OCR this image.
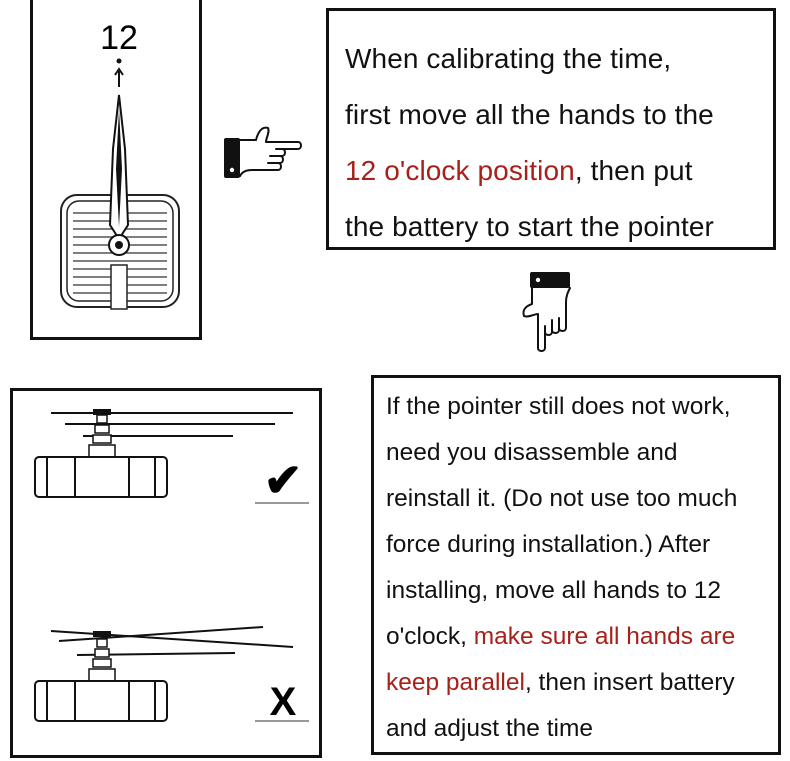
12
When calibrating the time,
first move all the hands to the
12 o'clock position, then put
the battery to start the pointer
✔
X
If the pointer still does not work,
need you disassemble and
reinstall it. (Do not use too much
force during installation.) After
installing, move all hands to 12
o'clock, make sure all hands are
keep parallel, then insert battery
and adjust the time
